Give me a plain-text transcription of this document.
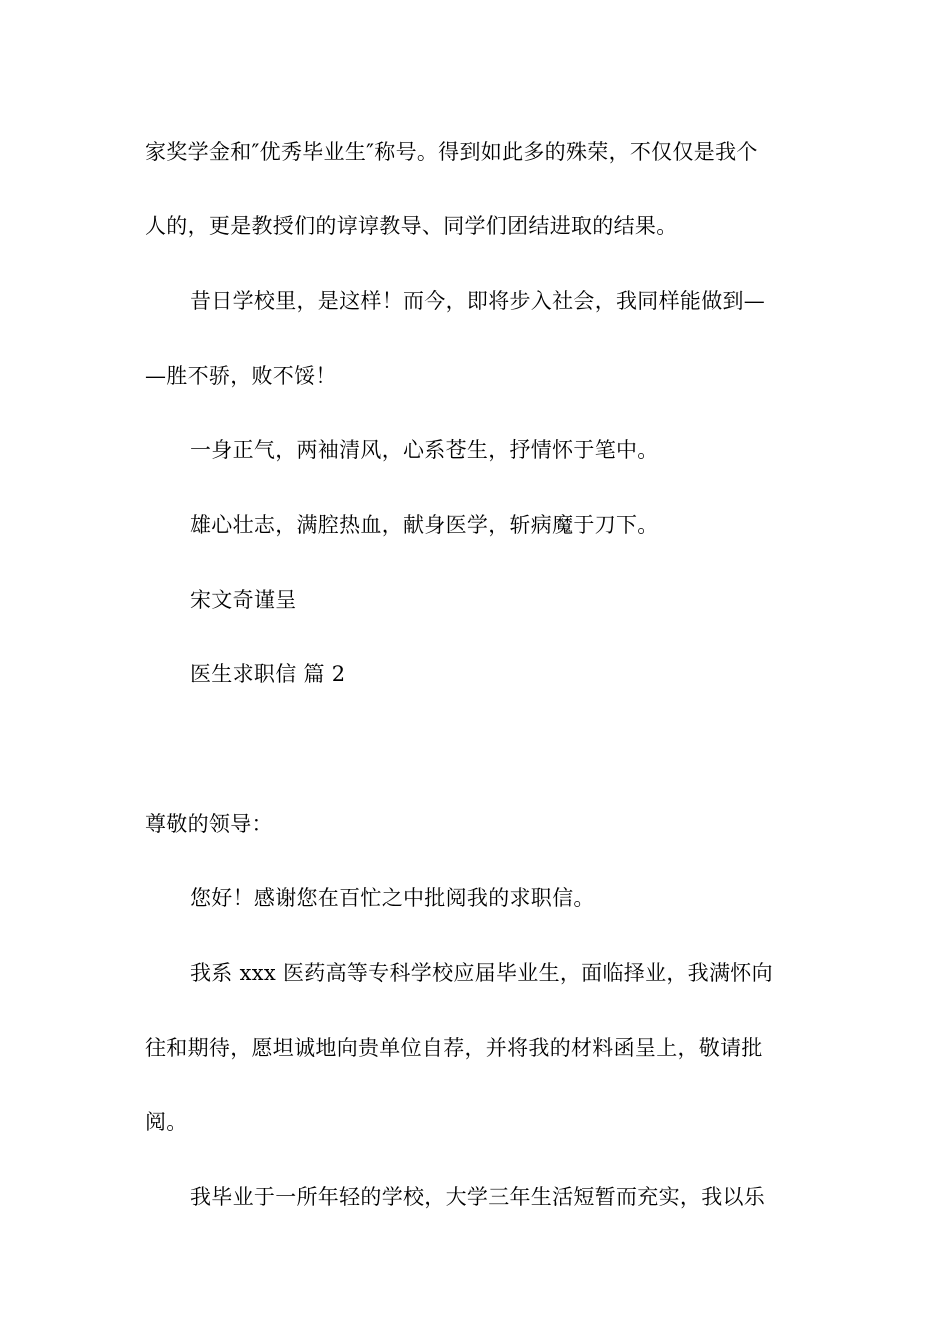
家奖学金和″优秀毕业生″称号。得到如此多的殊荣，不仅仅是我个
人的，更是教授们的谆谆教导、同学们团结进取的结果。
昔日学校里，是这样！而今，即将步入社会，我同样能做到—
—胜不骄，败不馁！
一身正气，两袖清风，心系苍生，抒情怀于笔中。
雄心壮志，满腔热血，献身医学，斩病魔于刀下。
宋文奇谨呈
医生求职信 篇 2
尊敬的领导：
您好！感谢您在百忙之中批阅我的求职信。
我系 xxx 医药高等专科学校应届毕业生，面临择业，我满怀向
往和期待，愿坦诚地向贵单位自荐，并将我的材料函呈上，敬请批
阅。
我毕业于一所年轻的学校，大学三年生活短暂而充实，我以乐
